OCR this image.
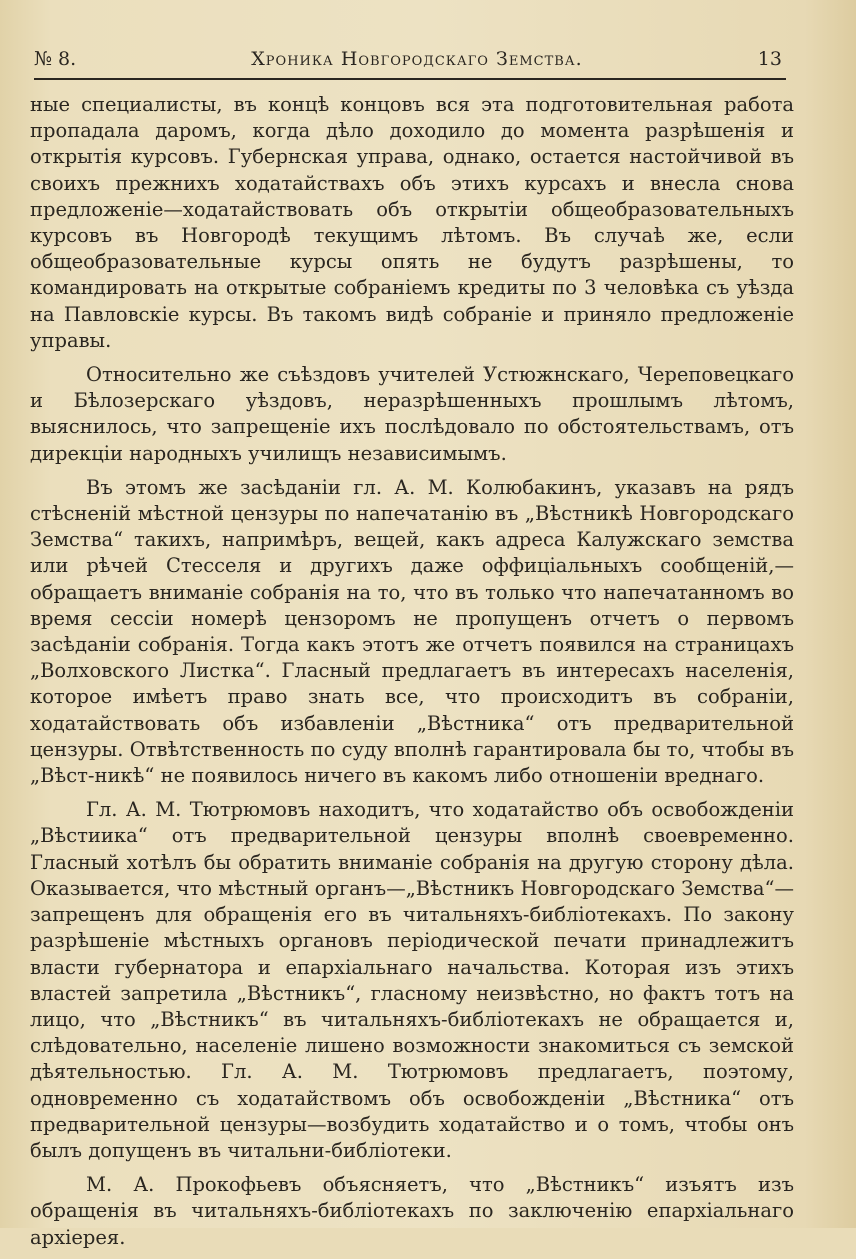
№ 8.	Хроника Новгородскаго Земства.	13

ные специалисты, въ концѣ концовъ вся эта подготовительная работа пропадала даромъ, когда дѣло доходило до момента разрѣшенія и открытія курсовъ. Губернская управа, однако, остается настойчивой въ своихъ прежнихъ ходатайствахъ объ этихъ курсахъ и внесла снова предложеніе—ходатайствовать объ открытіи общеобразовательныхъ курсовъ въ Новгородѣ текущимъ лѣтомъ. Въ случаѣ же, если общеобразовательные курсы опять не будутъ разрѣшены, то командировать на открытые собраніемъ кредиты по 3 человѣка съ уѣзда на Павловскіе курсы. Въ такомъ видѣ собраніе и приняло предложеніе управы.

Относительно же съѣздовъ учителей Устюжнскаго, Череповецкаго и Бѣлозерскаго уѣздовъ, неразрѣшенныхъ прошлымъ лѣтомъ, выяснилось, что запрещеніе ихъ послѣдовало по обстоятельствамъ, отъ дирекціи народныхъ училищъ независимымъ.

Въ этомъ же засѣданіи гл. А. М. Колюбакинъ, указавъ на рядъ стѣсненій мѣстной цензуры по напечатанію въ „Вѣстникѣ Новгородскаго Земства“ такихъ, напримѣръ, вещей, какъ адреса Калужскаго земства или рѣчей Стесселя и другихъ даже оффиціальныхъ сообщеній,— обращаетъ вниманіе собранія на то, что въ только что напечатанномъ во время сессіи номерѣ цензоромъ не пропущенъ отчетъ о первомъ засѣданіи собранія. Тогда какъ этотъ же отчетъ появился на страницахъ „Волховского Листка“. Гласный предлагаетъ въ интересахъ населенія, которое имѣетъ право знать все, что происходитъ въ собраніи, ходатайствовать объ избавленіи „Вѣстника“ отъ предварительной цензуры. Отвѣтственность по суду вполнѣ гарантировала бы то, чтобы въ „Вѣст-никѣ“ не появилось ничего въ какомъ либо отношеніи вреднаго.

Гл. А. М. Тютрюмовъ находитъ, что ходатайство объ освобожденіи „Вѣстиика“ отъ предварительной цензуры вполнѣ своевременно. Гласный хотѣлъ бы обратить вниманіе собранія на другую сторону дѣла. Оказывается, что мѣстный органъ—„Вѣстникъ Новгородскаго Земства“— запрещенъ для обращенія его въ читальняхъ-библіотекахъ. По закону разрѣшеніе мѣстныхъ органовъ періодической печати принадлежитъ власти губернатора и епархіальнаго начальства. Которая изъ этихъ властей запретила „Вѣстникъ“, гласному неизвѣстно, но фактъ тотъ на лицо, что „Вѣстникъ“ въ читальняхъ-библіотекахъ не обращается и, слѣдовательно, населеніе лишено возможности знакомиться съ земской дѣятельностью. Гл. А. М. Тютрюмовъ предлагаетъ, поэтому, одновременно съ ходатайствомъ объ освобожденіи „Вѣстника“ отъ предварительной цензуры—возбудить ходатайство и о томъ, чтобы онъ былъ допущенъ въ читальни-библіотеки.

М. А. Прокофьевъ объясняетъ, что „Вѣстникъ“ изъятъ изъ обращенія въ читальняхъ-библіотекахъ по заключенію епархіальнаго архіерея.
